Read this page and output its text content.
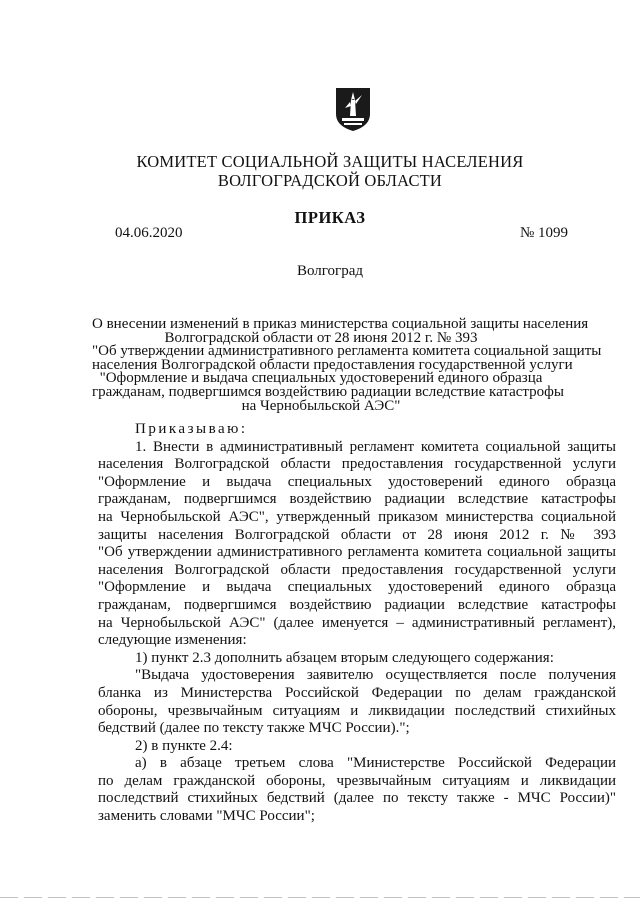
КОМИТЕТ СОЦИАЛЬНОЙ ЗАЩИТЫ НАСЕЛЕНИЯ
ВОЛГОГРАДСКОЙ ОБЛАСТИ
ПРИКАЗ
04.06.2020	№ 1099
Волгоград
О внесении изменений в приказ министерства социальной защиты населения
Волгоградской области от 28 июня 2012 г. № 393
"Об утверждении административного регламента комитета социальной защиты
населения Волгоградской области предоставления государственной услуги
"Оформление и выдача специальных удостоверений единого образца
гражданам, подвергшимся воздействию радиации вследствие катастрофы
на Чернобыльской АЭС"
Приказываю:
1. Внести в административный регламент комитета социальной защиты
населения Волгоградской области предоставления государственной услуги
"Оформление и выдача специальных удостоверений единого образца
гражданам, подвергшимся воздействию радиации вследствие катастрофы
на Чернобыльской АЭС", утвержденный приказом министерства социальной
защиты населения Волгоградской области от 28 июня 2012 г. № 393
"Об утверждении административного регламента комитета социальной защиты
населения Волгоградской области предоставления государственной услуги
"Оформление и выдача специальных удостоверений единого образца
гражданам, подвергшимся воздействию радиации вследствие катастрофы
на Чернобыльской АЭС" (далее именуется – административный регламент),
следующие изменения:
1) пункт 2.3 дополнить абзацем вторым следующего содержания:
"Выдача удостоверения заявителю осуществляется после получения
бланка из Министерства Российской Федерации по делам гражданской
обороны, чрезвычайным ситуациям и ликвидации последствий стихийных
бедствий (далее по тексту также МЧС России).";
2) в пункте 2.4:
а) в абзаце третьем слова "Министерстве Российской Федерации
по делам гражданской обороны, чрезвычайным ситуациям и ликвидации
последствий стихийных бедствий (далее по тексту также - МЧС России)"
заменить словами "МЧС России";
